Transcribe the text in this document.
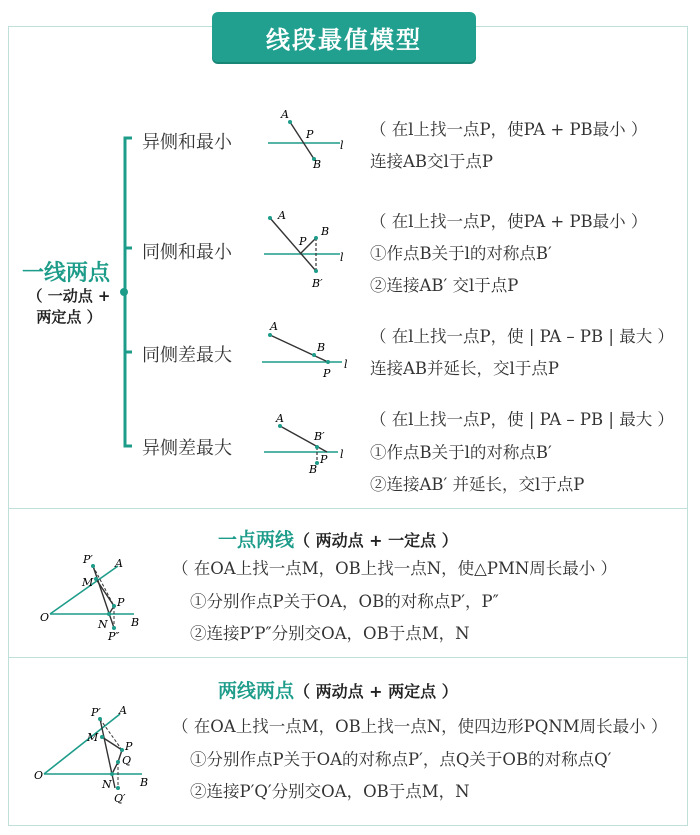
线段最值模型
一线两点
（ 一动点 +
两定点 ）
异侧和最小
同侧和最小
同侧差最大
异侧差最大
（ 在l上找一点P，使PA + PB最小 ）
连接AB交l于点P
（ 在l上找一点P，使PA + PB最小 ）
①作点B关于l的对称点B′
②连接AB′ 交l于点P
（ 在l上找一点P，使 | PA – PB | 最大 ）
连接AB并延长，交l于点P
（ 在l上找一点P，使 | PA – PB | 最大 ）
①作点B关于l的对称点B′
②连接AB′ 并延长，交l于点P
A
P
B
l
A
B
P
l
B′
A
B
P
l
A
B′
P
B
l
一点两线（ 两动点 + 一定点 ）
（ 在OA上找一点M，OB上找一点N，使△PMN周长最小 ）
①分别作点P关于OA，OB的对称点P′，P″
②连接P′P″分别交OA，OB于点M，N
O
P′ A
M
P
N B
P″
两线两点（ 两动点 + 两定点 ）
（ 在OA上找一点M，OB上找一点N，使四边形PQNM周长最小 ）
①分别作点P关于OA的对称点P′，点Q关于OB的对称点Q′
②连接P′Q′分别交OA，OB于点M，N
O
P′ A
M
P
Q
N	B
Q′
